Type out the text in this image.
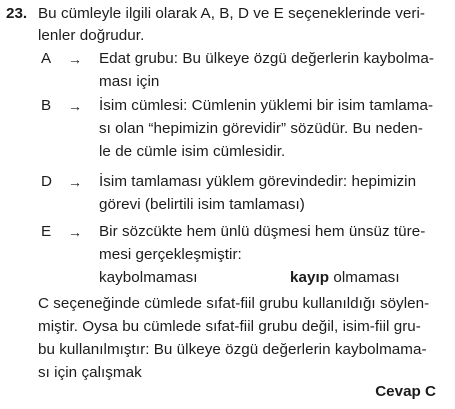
23. Bu cümleyle ilgili olarak A, B, D ve E seçeneklerinde veri-
lenler doğrudur.
A → Edat grubu: Bu ülkeye özgü değerlerin kaybolma-
ması için
B → İsim cümlesi: Cümlenin yüklemi bir isim tamlama-
sı olan “hepimizin görevidir” sözüdür. Bu neden-
le de cümle isim cümlesidir.
D → İsim tamlaması yüklem görevindedir: hepimizin
görevi (belirtili isim tamlaması)
E → Bir sözcükte hem ünlü düşmesi hem ünsüz türe-
mesi gerçekleşmiştir:
kaybolmaması	kayıp olmaması
C seçeneğinde cümlede sıfat-fiil grubu kullanıldığı söylen-
miştir. Oysa bu cümlede sıfat-fiil grubu değil, isim-fiil gru-
bu kullanılmıştır: Bu ülkeye özgü değerlerin kaybolmama-
sı için çalışmak
Cevap C
